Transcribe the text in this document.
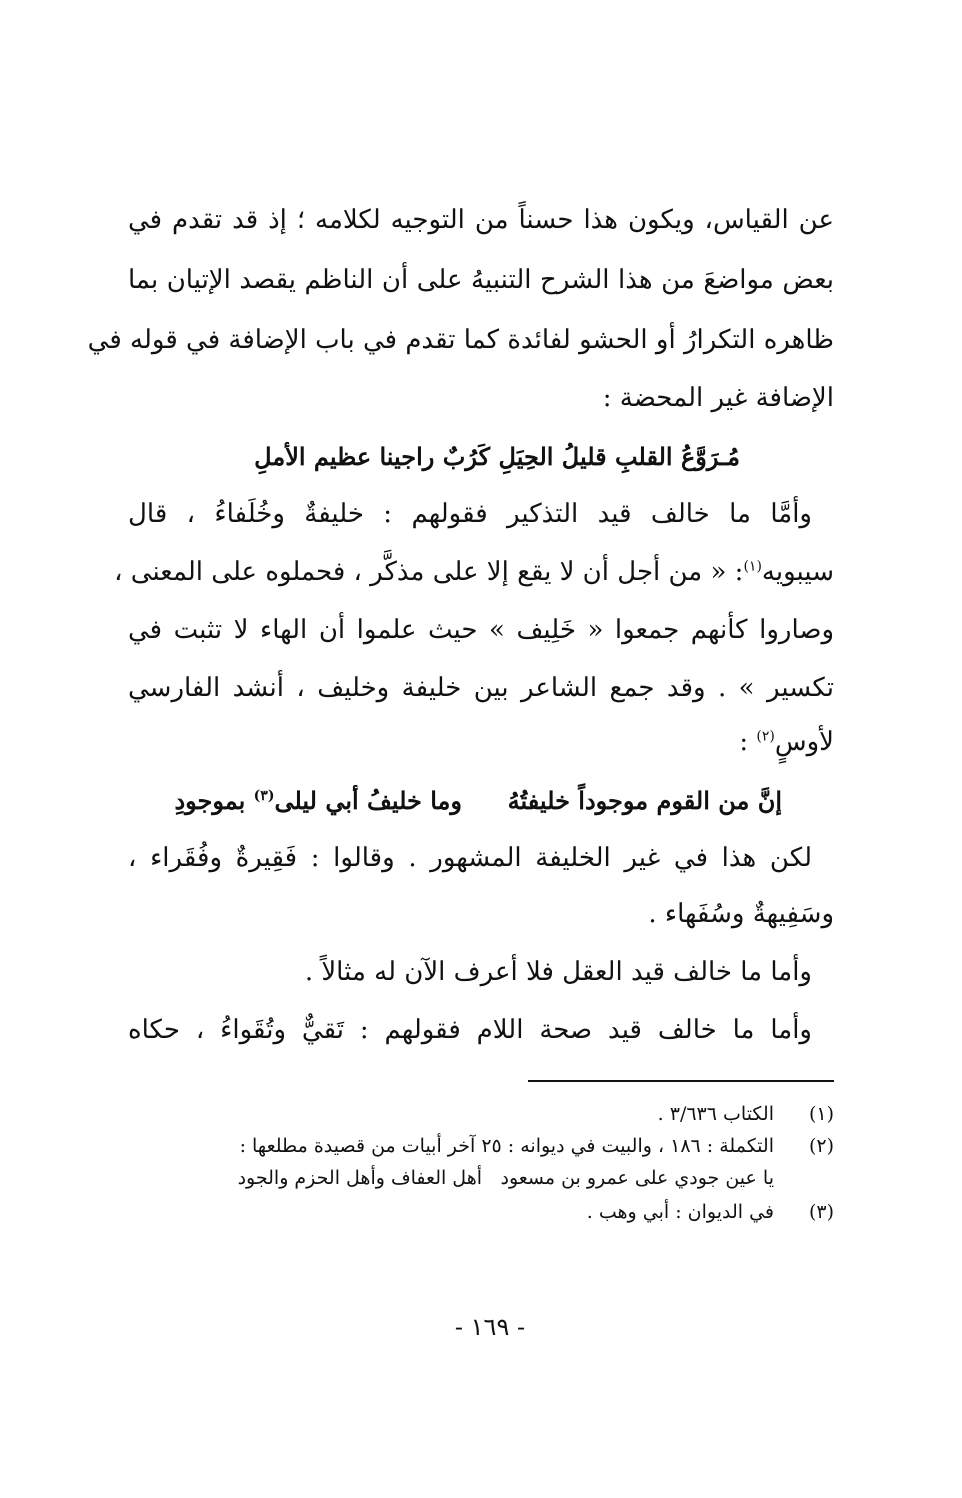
عن القياس، ويكون هذا حسناً من التوجيه لكلامه ؛ إذ قد تقدم في
بعض مواضعَ من هذا الشرح التنبيهُ على أن الناظم يقصد الإتيان بما
ظاهره التكرارُ أو الحشو لفائدة كما تقدم في باب الإضافة في قوله في
الإضافة غير المحضة :
كَرُبٌ راجينا عظيم الأملِ مُـرَوَّعُ القلبِ قليلُ الحِيَلِ
وأمَّا ما خالف قيد التذكير فقولهم : خليفةٌ وخُلَفاءُ ، قال
سيبويه$^{(١)}$: « من أجل أن لا يقع إلا على مذكَّر ، فحملوه على المعنى ،
وصاروا كأنهم جمعوا « خَلِيف » حيث علموا أن الهاء لا تثبت في
تكسير » . وقد جمع الشاعر بين خليفة وخليف ، أنشد الفارسي
لأوسٍ$^{(٢)}$ :
إنَّ من القوم موجوداً خليفتُهُ
وما خليفُ أبي ليلى$^{(٣)}$ بموجودِ
لكن هذا في غير الخليفة المشهور . وقالوا : فَقِيرةٌ وفُقَراء ،
وسَفِيهةٌ وسُفَهاء .
وأما ما خالف قيد العقل فلا أعرف الآن له مثالاً .
وأما ما خالف قيد صحة اللام فقولهم : تَقيٌّ وتُقَواءُ ، حكاه
(١)
الكتاب ٣/٦٣٦ .
(٢)
التكملة : ١٨٦ ، والبيت في ديوانه : ٢٥ آخر أبيات من قصيدة مطلعها :
يا عين جودي على عمرو بن مسعود
أهل العفاف وأهل الحزم والجود
(٣)
في الديوان : أبي وهب .
- ١٦٩ -
